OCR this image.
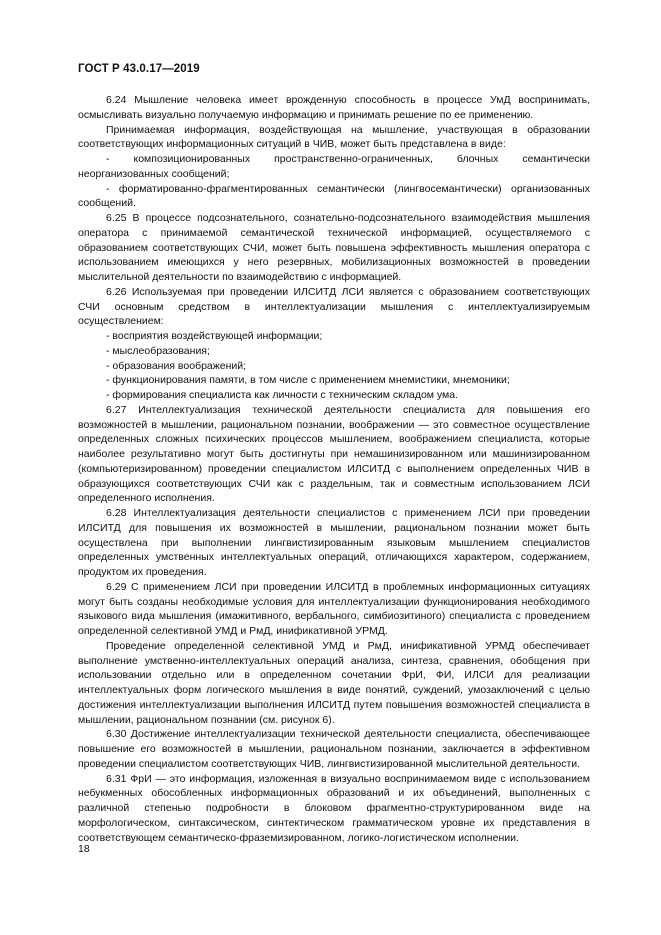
ГОСТ Р 43.0.17—2019

6.24 Мышление человека имеет врожденную способность в процессе УмД воспринимать, осмысливать визуально получаемую информацию и принимать решение по ее применению.

Принимаемая информация, воздействующая на мышление, участвующая в образовании соответствующих информационных ситуаций в ЧИВ, может быть представлена в виде:

- композиционированных пространственно-ограниченных, блочных семантически неорганизованных сообщений;

- форматированно-фрагментированных семантически (лингвосемантически) организованных сообщений.

6.25 В процессе подсознательного, сознательно-подсознательного взаимодействия мышления оператора с принимаемой семантической технической информацией, осуществляемого с образованием соответствующих СЧИ, может быть повышена эффективность мышления оператора с использованием имеющихся у него резервных, мобилизационных возможностей в проведении мыслительной деятельности по взаимодействию с информацией.

6.26 Используемая при проведении ИЛСИТД ЛСИ является с образованием соответствующих СЧИ основным средством в интеллектуализации мышления с интеллектуализируемым осуществлением:

- восприятия воздействующей информации;

- мыслеобразования;

- образования воображений;

- функционирования памяти, в том числе с применением мнемистики, мнемоники;

- формирования специалиста как личности с техническим складом ума.

6.27 Интеллектуализация технической деятельности специалиста для повышения его возможностей в мышлении, рациональном познании, воображении — это совместное осуществление определенных сложных психических процессов мышлением, воображением специалиста, которые наиболее результативно могут быть достигнуты при немашинизированном или машинизированном (компьютеризированном) проведении специалистом ИЛСИТД с выполнением определенных ЧИВ в образующихся соответствующих СЧИ как с раздельным, так и совместным использованием ЛСИ определенного исполнения.

6.28 Интеллектуализация деятельности специалистов с применением ЛСИ при проведении ИЛСИТД для повышения их возможностей в мышлении, рациональном познании может быть осуществлена при выполнении лингвистизированным языковым мышлением специалистов определенных умственных интеллектуальных операций, отличающихся характером, содержанием, продуктом их проведения.

6.29 С применением ЛСИ при проведении ИЛСИТД в проблемных информационных ситуациях могут быть созданы необходимые условия для интеллектуализации функционирования необходимого языкового вида мышления (имажитивного, вербального, симбиозитиного) специалиста с проведением определенной селективной УМД и РмД, инификативной УРМД.

Проведение определенной селективной УМД и РмД, инификативной УРМД обеспечивает выполнение умственно-интеллектуальных операций анализа, синтеза, сравнения, обобщения при использовании отдельно или в определенном сочетании ФрИ, ФИ, ИЛСИ для реализации интеллектуальных форм логического мышления в виде понятий, суждений, умозаключений с целью достижения интеллектуализации выполнения ИЛСИТД путем повышения возможностей специалиста в мышлении, рациональном познании (см. рисунок 6).

6.30 Достижение интеллектуализации технической деятельности специалиста, обеспечивающее повышение его возможностей в мышлении, рациональном познании, заключается в эффективном проведении специалистом соответствующих ЧИВ, лингвистизированной мыслительной деятельности.

6.31 ФрИ — это информация, изложенная в визуально воспринимаемом виде с использованием небукменных обособленных информационных образований и их объединений, выполненных с различной степенью подробности в блоковом фрагментно-структурированном виде на морфологическом, синтаксическом, синтектическом грамматическом уровне их представления в соответствующем семантическо-фраземизированном, логико-логистическом исполнении.

18
